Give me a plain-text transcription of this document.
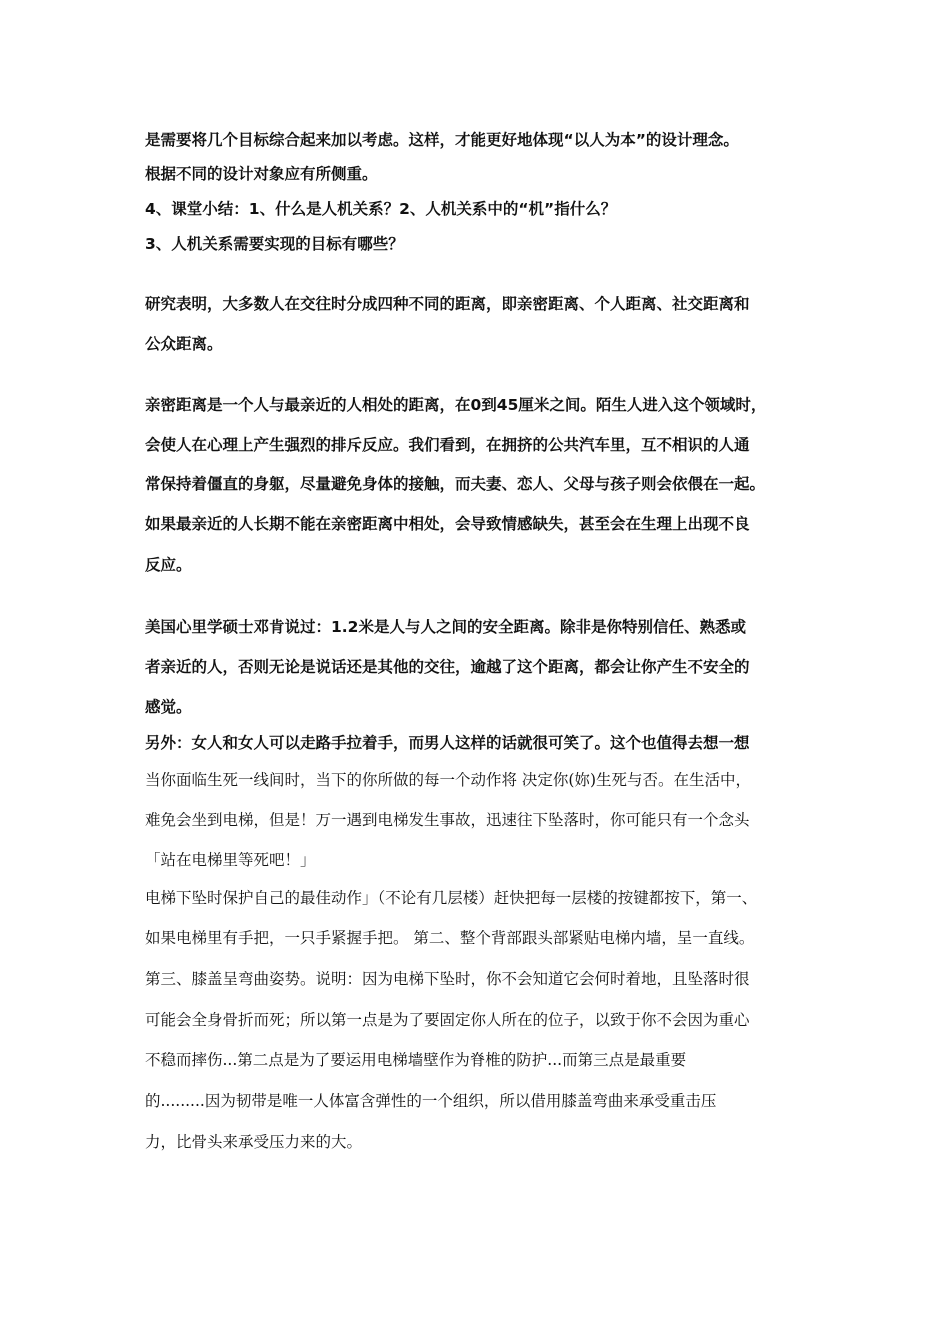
是需要将几个目标综合起来加以考虑。这样，才能更好地体现“以人为本”的设计理念。
根据不同的设计对象应有所侧重。
4、课堂小结：1、什么是人机关系？2、人机关系中的“机”指什么？
3、人机关系需要实现的目标有哪些？
研究表明，大多数人在交往时分成四种不同的距离，即亲密距离、个人距离、社交距离和
公众距离。
亲密距离是一个人与最亲近的人相处的距离，在0到45厘米之间。陌生人进入这个领域时，
会使人在心理上产生强烈的排斥反应。我们看到，在拥挤的公共汽车里，互不相识的人通
常保持着僵直的身躯，尽量避免身体的接触，而夫妻、恋人、父母与孩子则会依偎在一起。
如果最亲近的人长期不能在亲密距离中相处，会导致情感缺失，甚至会在生理上出现不良
反应。
美国心里学硕士邓肯说过：1.2米是人与人之间的安全距离。除非是你特别信任、熟悉或
者亲近的人，否则无论是说话还是其他的交往，逾越了这个距离，都会让你产生不安全的
感觉。
另外：女人和女人可以走路手拉着手，而男人这样的话就很可笑了。这个也值得去想一想
当你面临生死一线间时，当下的你所做的每一个动作将 决定你(妳)生死与否。在生活中，
难免会坐到电梯，但是！万一遇到电梯发生事故，迅速往下坠落时，你可能只有一个念头
「站在电梯里等死吧！」
电梯下坠时保护自己的最佳动作」（不论有几层楼）赶快把每一层楼的按键都按下，第一、
如果电梯里有手把，一只手紧握手把。 第二、整个背部跟头部紧贴电梯内墙，呈一直线。
第三、膝盖呈弯曲姿势。说明：因为电梯下坠时，你不会知道它会何时着地，且坠落时很
可能会全身骨折而死；所以第一点是为了要固定你人所在的位子，以致于你不会因为重心
不稳而摔伤...第二点是为了要运用电梯墙壁作为脊椎的防护...而第三点是最重要
的.........因为韧带是唯一人体富含弹性的一个组织，所以借用膝盖弯曲来承受重击压
力，比骨头来承受压力来的大。
